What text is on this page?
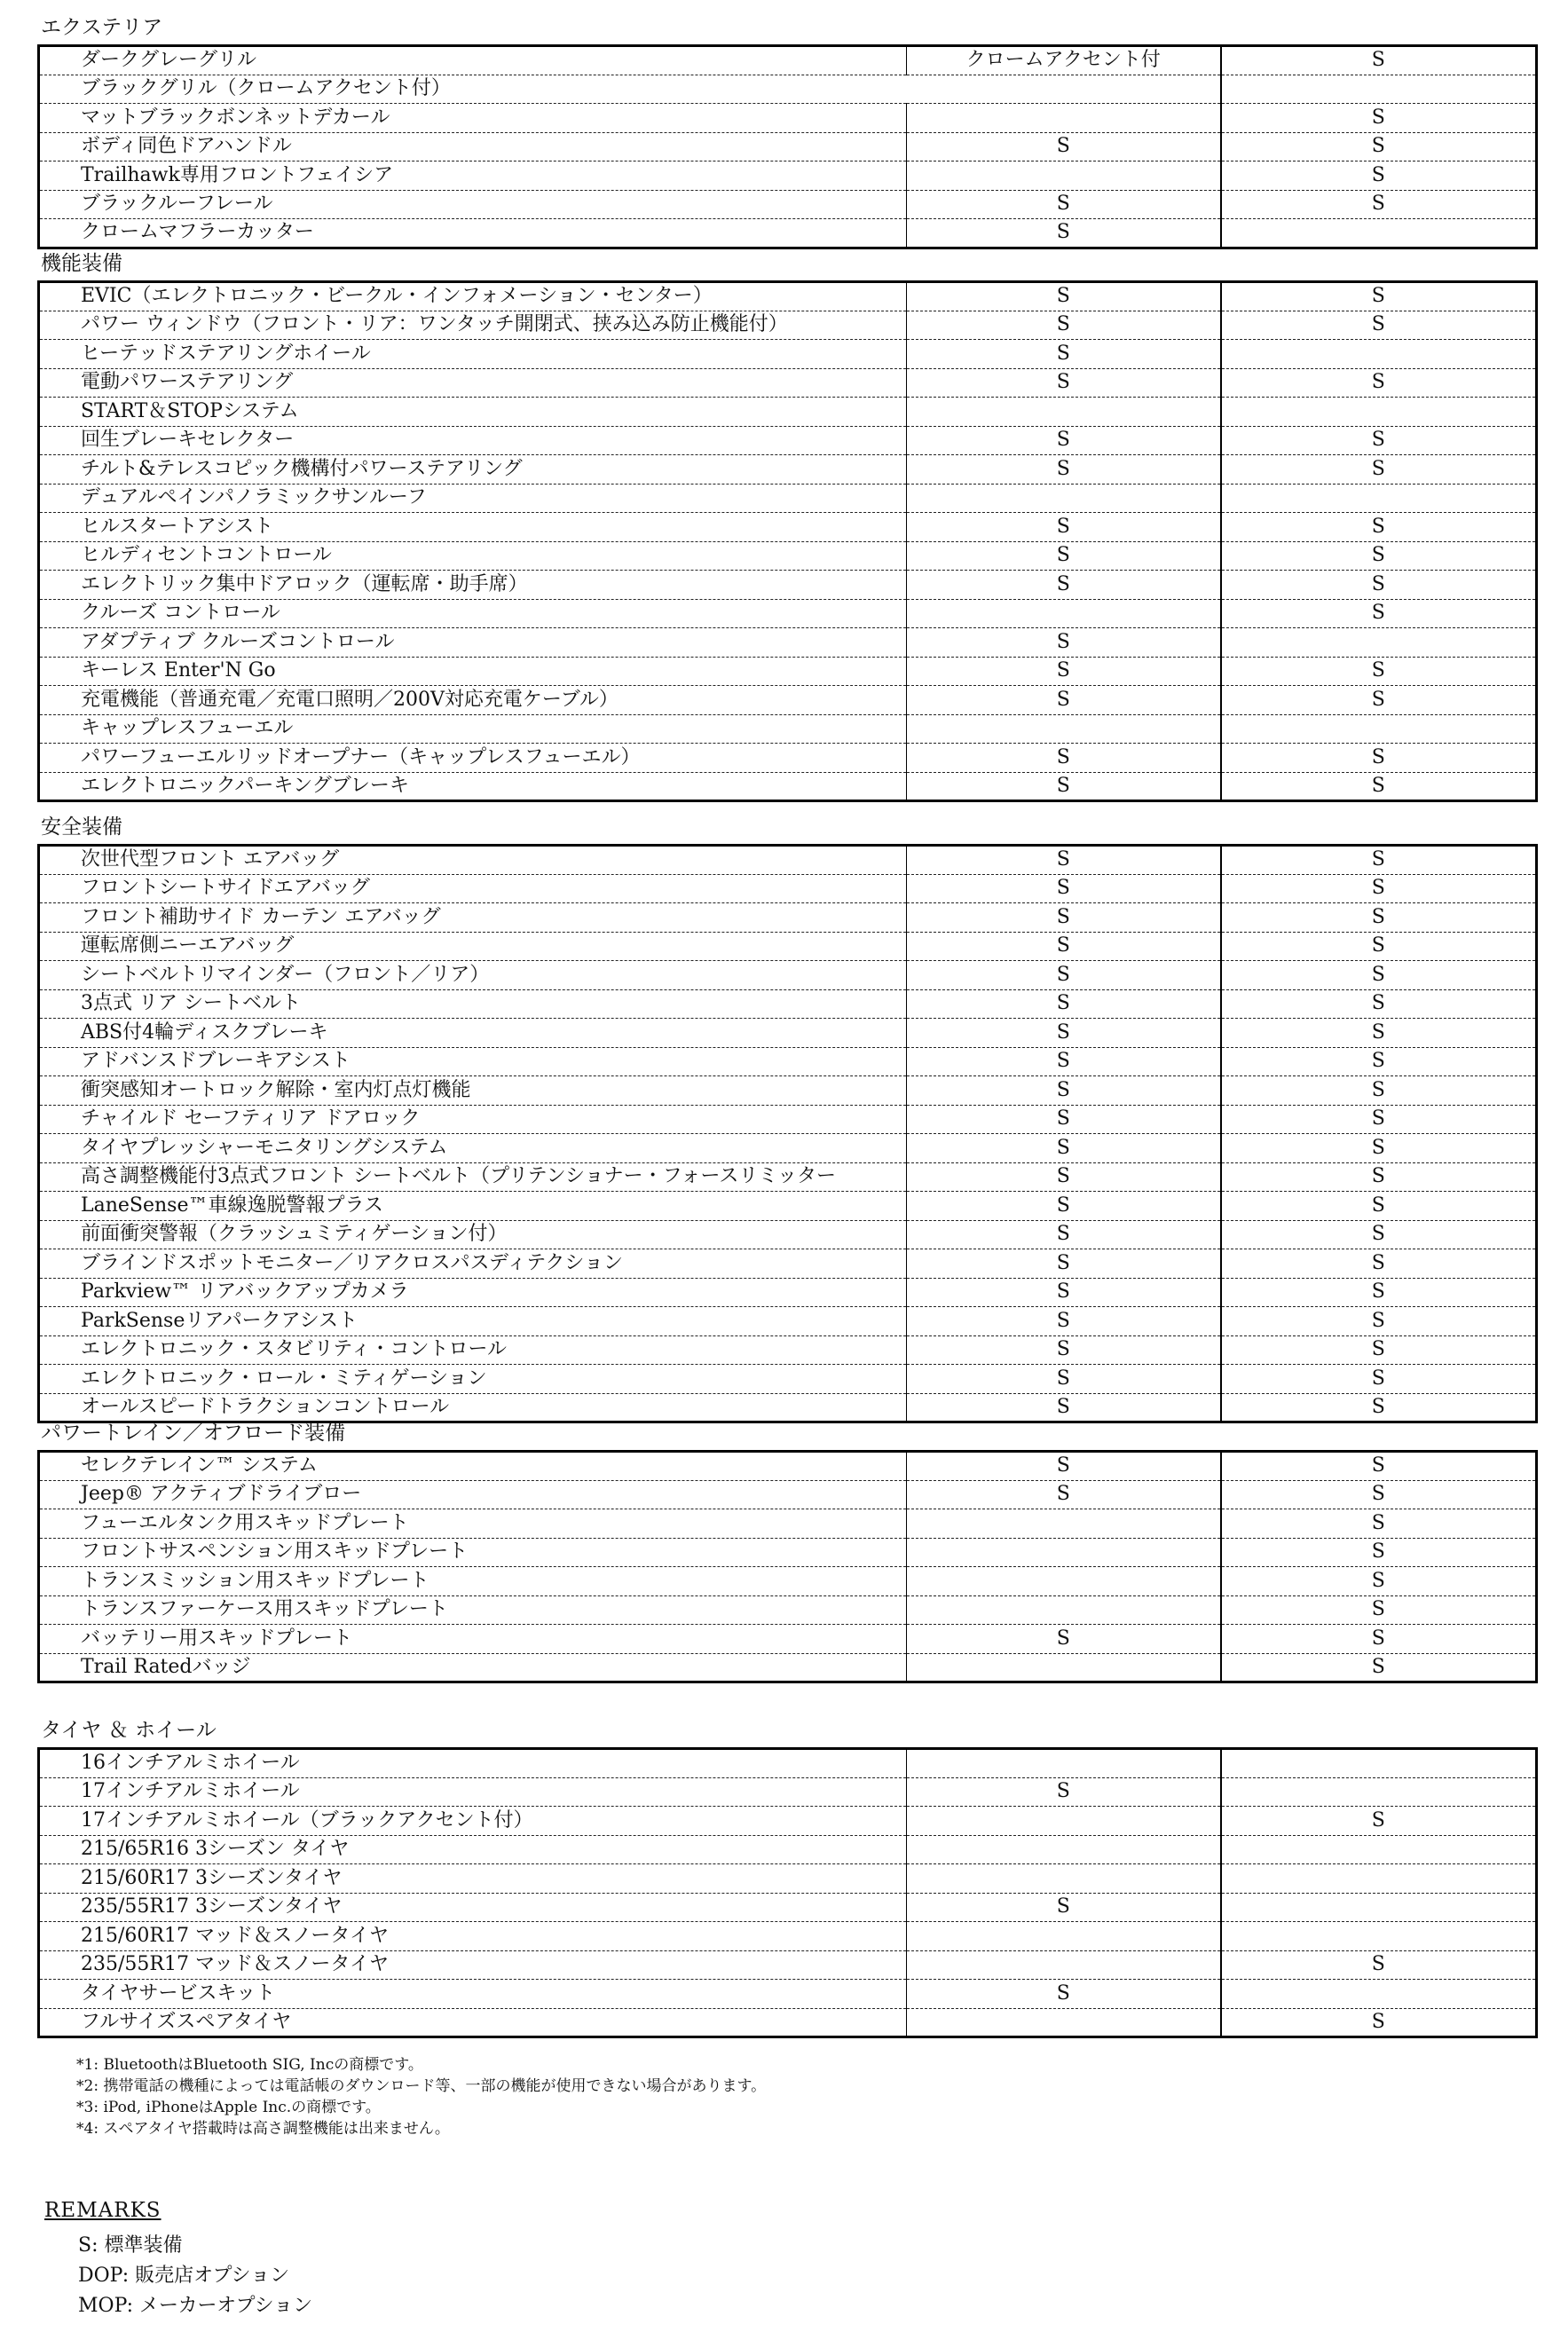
エクステリア
ダークグレーグリル	クロームアクセント付	S
ブラックグリル（クロームアクセント付）		
マットブラックボンネットデカール		S
ボディ同色ドアハンドル	S	S
Trailhawk専用フロントフェイシア		S
ブラックルーフレール	S	S
クロームマフラーカッター	S	
機能装備
EVIC（エレクトロニック・ビークル・インフォメーション・センター）	S	S
パワー ウィンドウ（フロント・リア：ワンタッチ開閉式、挟み込み防止機能付）	S	S
ヒーテッドステアリングホイール	S	
電動パワーステアリング	S	S
START＆STOPシステム		
回生ブレーキセレクター	S	S
チルト&テレスコピック機構付パワーステアリング	S	S
デュアルペインパノラミックサンルーフ		
ヒルスタートアシスト	S	S
ヒルディセントコントロール	S	S
エレクトリック集中ドアロック（運転席・助手席）	S	S
クルーズ コントロール		S
アダプティブ クルーズコントロール	S	
キーレス Enter'N Go	S	S
充電機能（普通充電／充電口照明／200V対応充電ケーブル）	S	S
キャップレスフューエル		
パワーフューエルリッドオープナー（キャップレスフューエル）	S	S
エレクトロニックパーキングブレーキ	S	S
安全装備
次世代型フロント エアバッグ	S	S
フロントシートサイドエアバッグ	S	S
フロント補助サイド カーテン エアバッグ	S	S
運転席側ニーエアバッグ	S	S
シートベルトリマインダー（フロント／リア）	S	S
3点式 リア シートベルト	S	S
ABS付4輪ディスクブレーキ	S	S
アドバンスドブレーキアシスト	S	S
衝突感知オートロック解除・室内灯点灯機能	S	S
チャイルド セーフティリア ドアロック	S	S
タイヤプレッシャーモニタリングシステム	S	S
高さ調整機能付3点式フロント シートベルト（プリテンショナー・フォースリミッター	S	S
LaneSense™車線逸脱警報プラス	S	S
前面衝突警報（クラッシュミティゲーション付）	S	S
ブラインドスポットモニター／リアクロスパスディテクション	S	S
Parkview™ リアバックアップカメラ	S	S
ParkSenseリアパークアシスト	S	S
エレクトロニック・スタビリティ・コントロール	S	S
エレクトロニック・ロール・ミティゲーション	S	S
オールスピードトラクションコントロール	S	S
パワートレイン／オフロード装備
セレクテレイン™ システム	S	S
Jeep® アクティブドライブロー	S	S
フューエルタンク用スキッドプレート		S
フロントサスペンション用スキッドプレート		S
トランスミッション用スキッドプレート		S
トランスファーケース用スキッドプレート		S
バッテリー用スキッドプレート	S	S
Trail Ratedバッジ		S
タイヤ ＆ ホイール
16インチアルミホイール		
17インチアルミホイール	S	
17インチアルミホイール（ブラックアクセント付）		S
215/65R16 3シーズン タイヤ		
215/60R17 3シーズンタイヤ		
235/55R17 3シーズンタイヤ	S	
215/60R17 マッド＆スノータイヤ		
235/55R17 マッド＆スノータイヤ		S
タイヤサービスキット	S	
フルサイズスペアタイヤ		S
*1: BluetoothはBluetooth SIG, Incの商標です。
*2: 携帯電話の機種によっては電話帳のダウンロード等、一部の機能が使用できない場合があります。
*3: iPod, iPhoneはApple Inc.の商標です。
*4: スペアタイヤ搭載時は高さ調整機能は出来ません。
REMARKS
S: 標準装備
DOP: 販売店オプション
MOP: メーカーオプション
